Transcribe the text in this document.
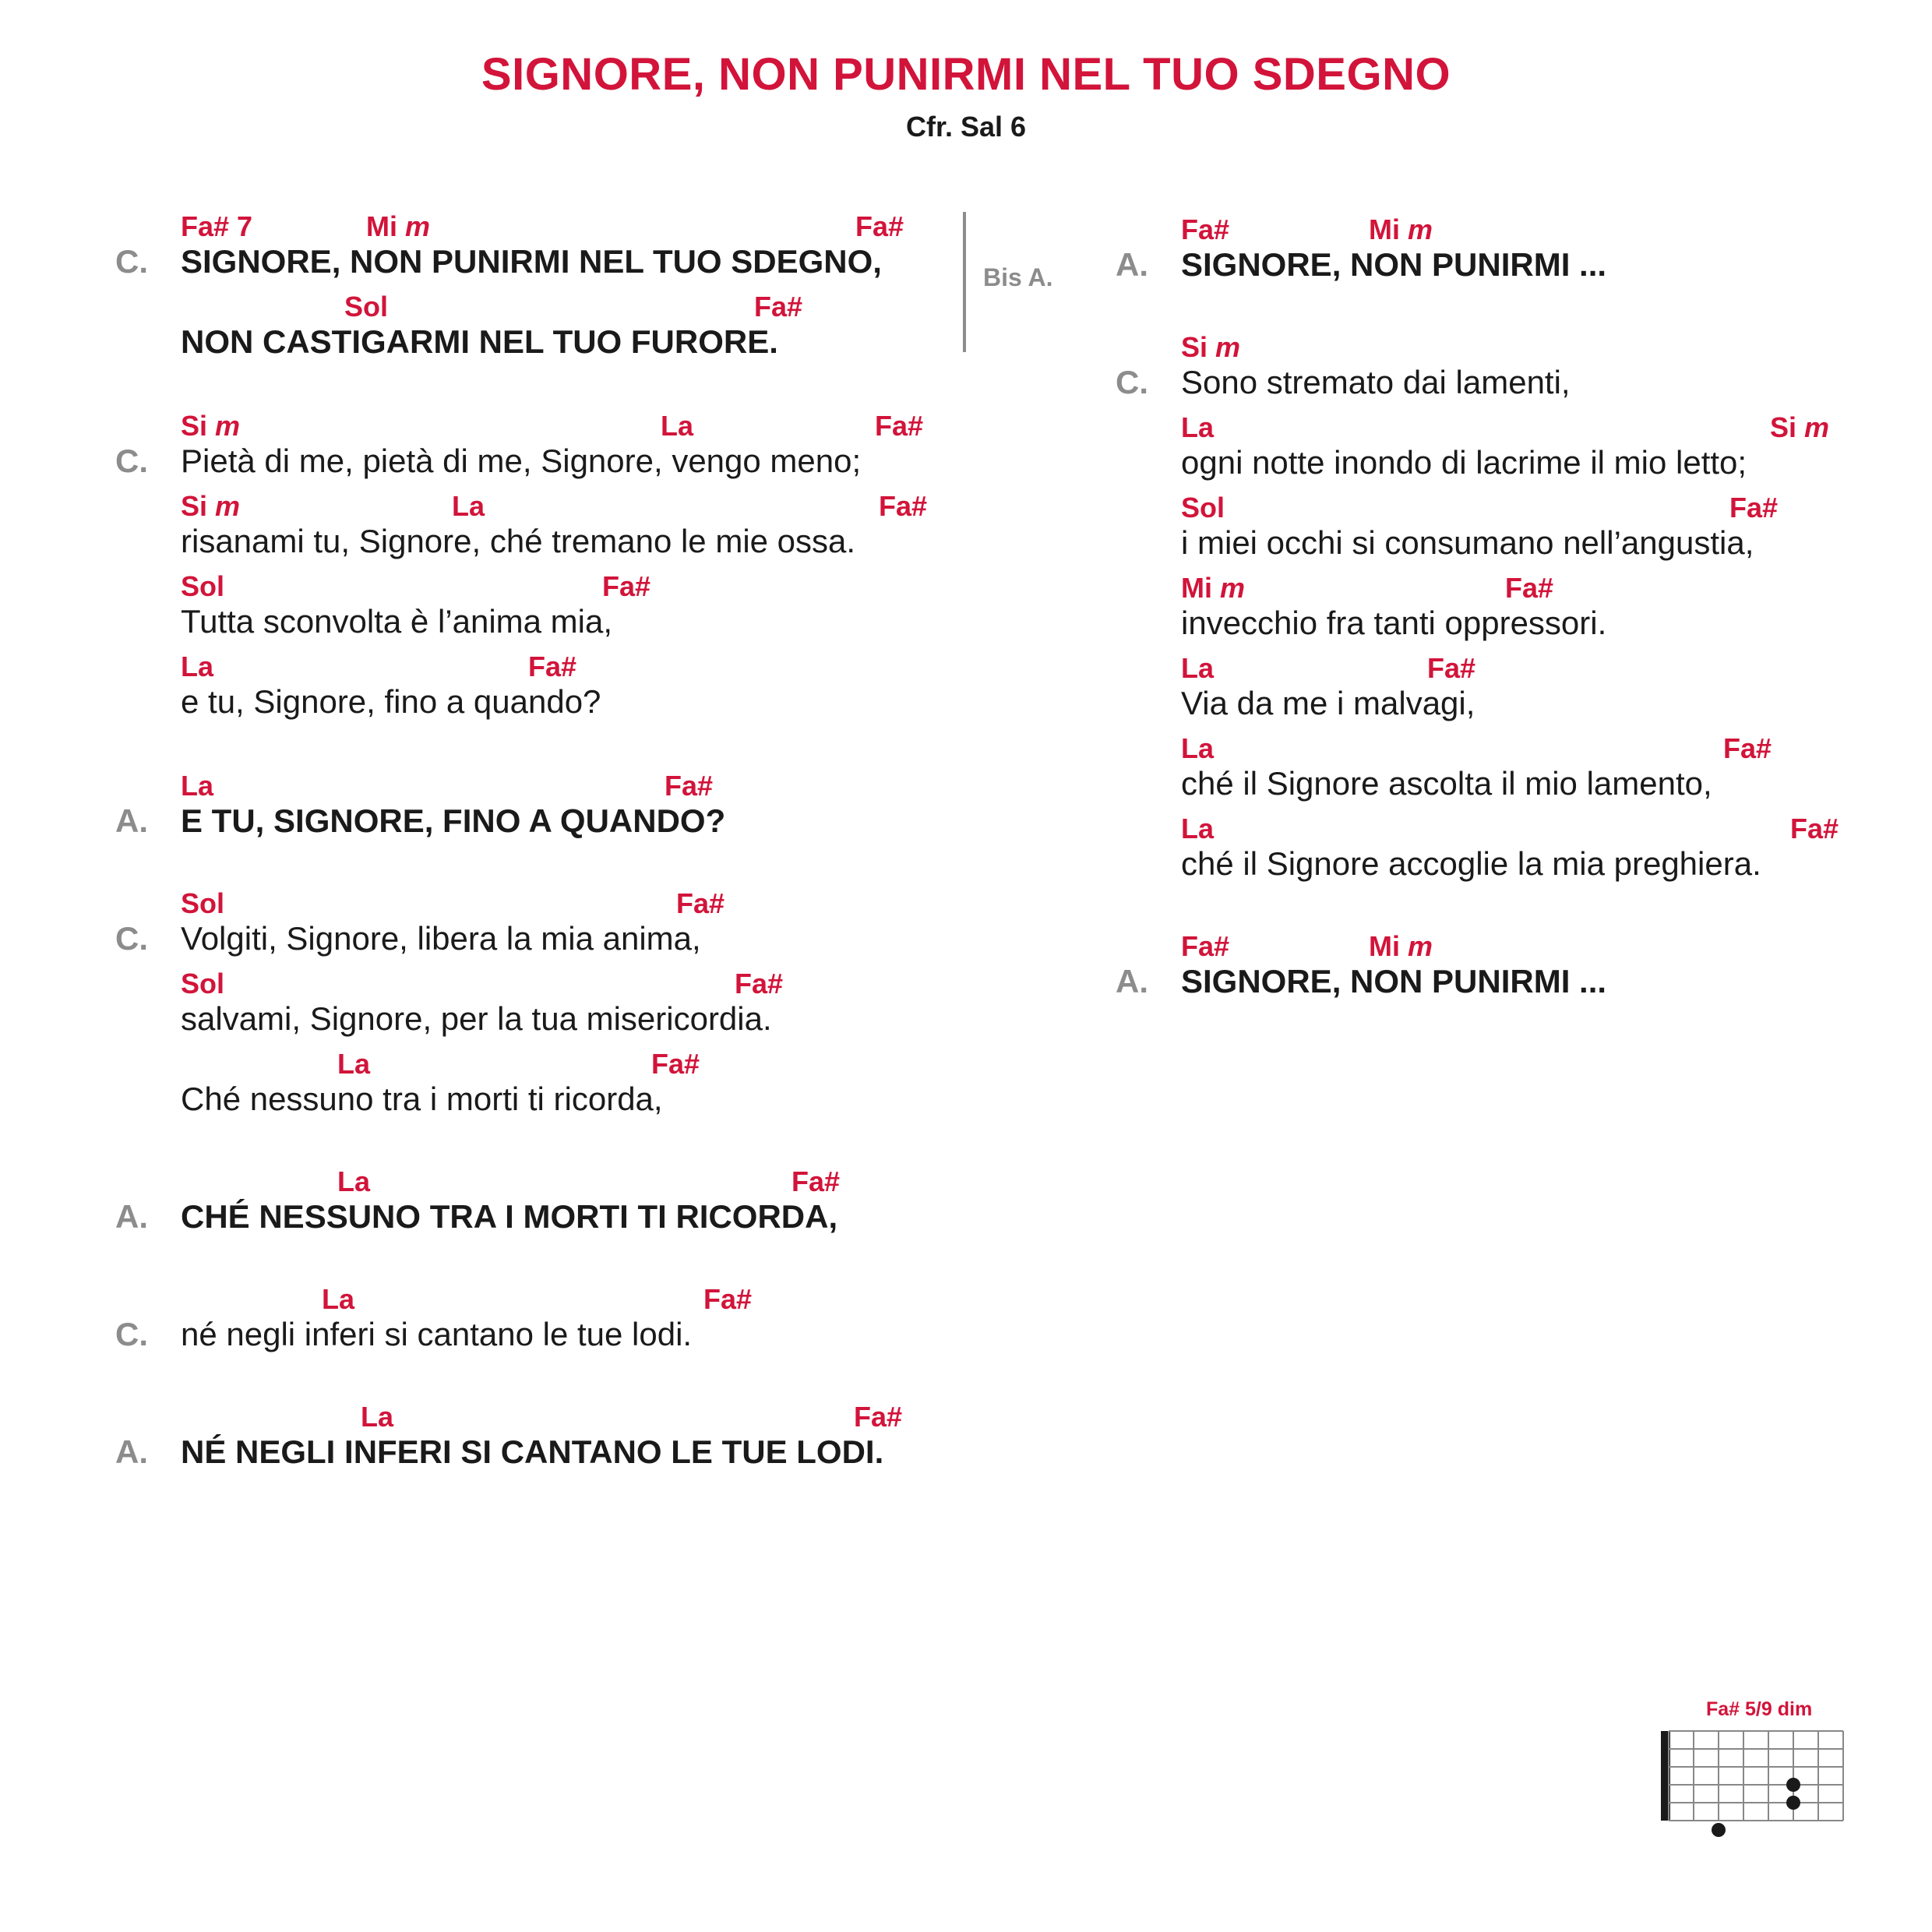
SIGNORE, NON PUNIRMI NEL TUO SDEGNO
Cfr. Sal 6
C.
Fa# 7	Mi m	Fa#
SIGNORE, NON PUNIRMI NEL TUO SDEGNO,
Sol	Fa#
NON CASTIGARMI NEL TUO FURORE.
C.
Si m	La	Fa#
Pietà di me, pietà di me, Signore, vengo meno;
Si m	La	Fa#
risanami tu, Signore, ché tremano le mie ossa.
Sol	Fa#
Tutta sconvolta è l’anima mia,
La	Fa#
e tu, Signore, fino a quando?
A.
La	Fa#
E TU, SIGNORE, FINO A QUANDO?
C.
Sol	Fa#
Volgiti, Signore, libera la mia anima,
Sol	Fa#
salvami, Signore, per la tua misericordia.
La	Fa#
Ché nessuno tra i morti ti ricorda,
A.
La	Fa#
CHÉ NESSUNO TRA I MORTI TI RICORDA,
C.
La	Fa#
né negli inferi si cantano le tue lodi.
A.
La	Fa#
NÉ NEGLI INFERI SI CANTANO LE TUE LODI.
A.
Fa#	Mi m
SIGNORE, NON PUNIRMI ...
C.
Si m
Sono stremato dai lamenti,
La	Si m
ogni notte inondo di lacrime il mio letto;
Sol	Fa#
i miei occhi si consumano nell’angustia,
Mi m	Fa#
invecchio fra tanti oppressori.
La	Fa#
Via da me i malvagi,
La	Fa#
ché il Signore ascolta il mio lamento,
La	Fa#
ché il Signore accoglie la mia preghiera.
A.
Fa#	Mi m
SIGNORE, NON PUNIRMI ...
Bis A.
Fa# 5/9 dim
